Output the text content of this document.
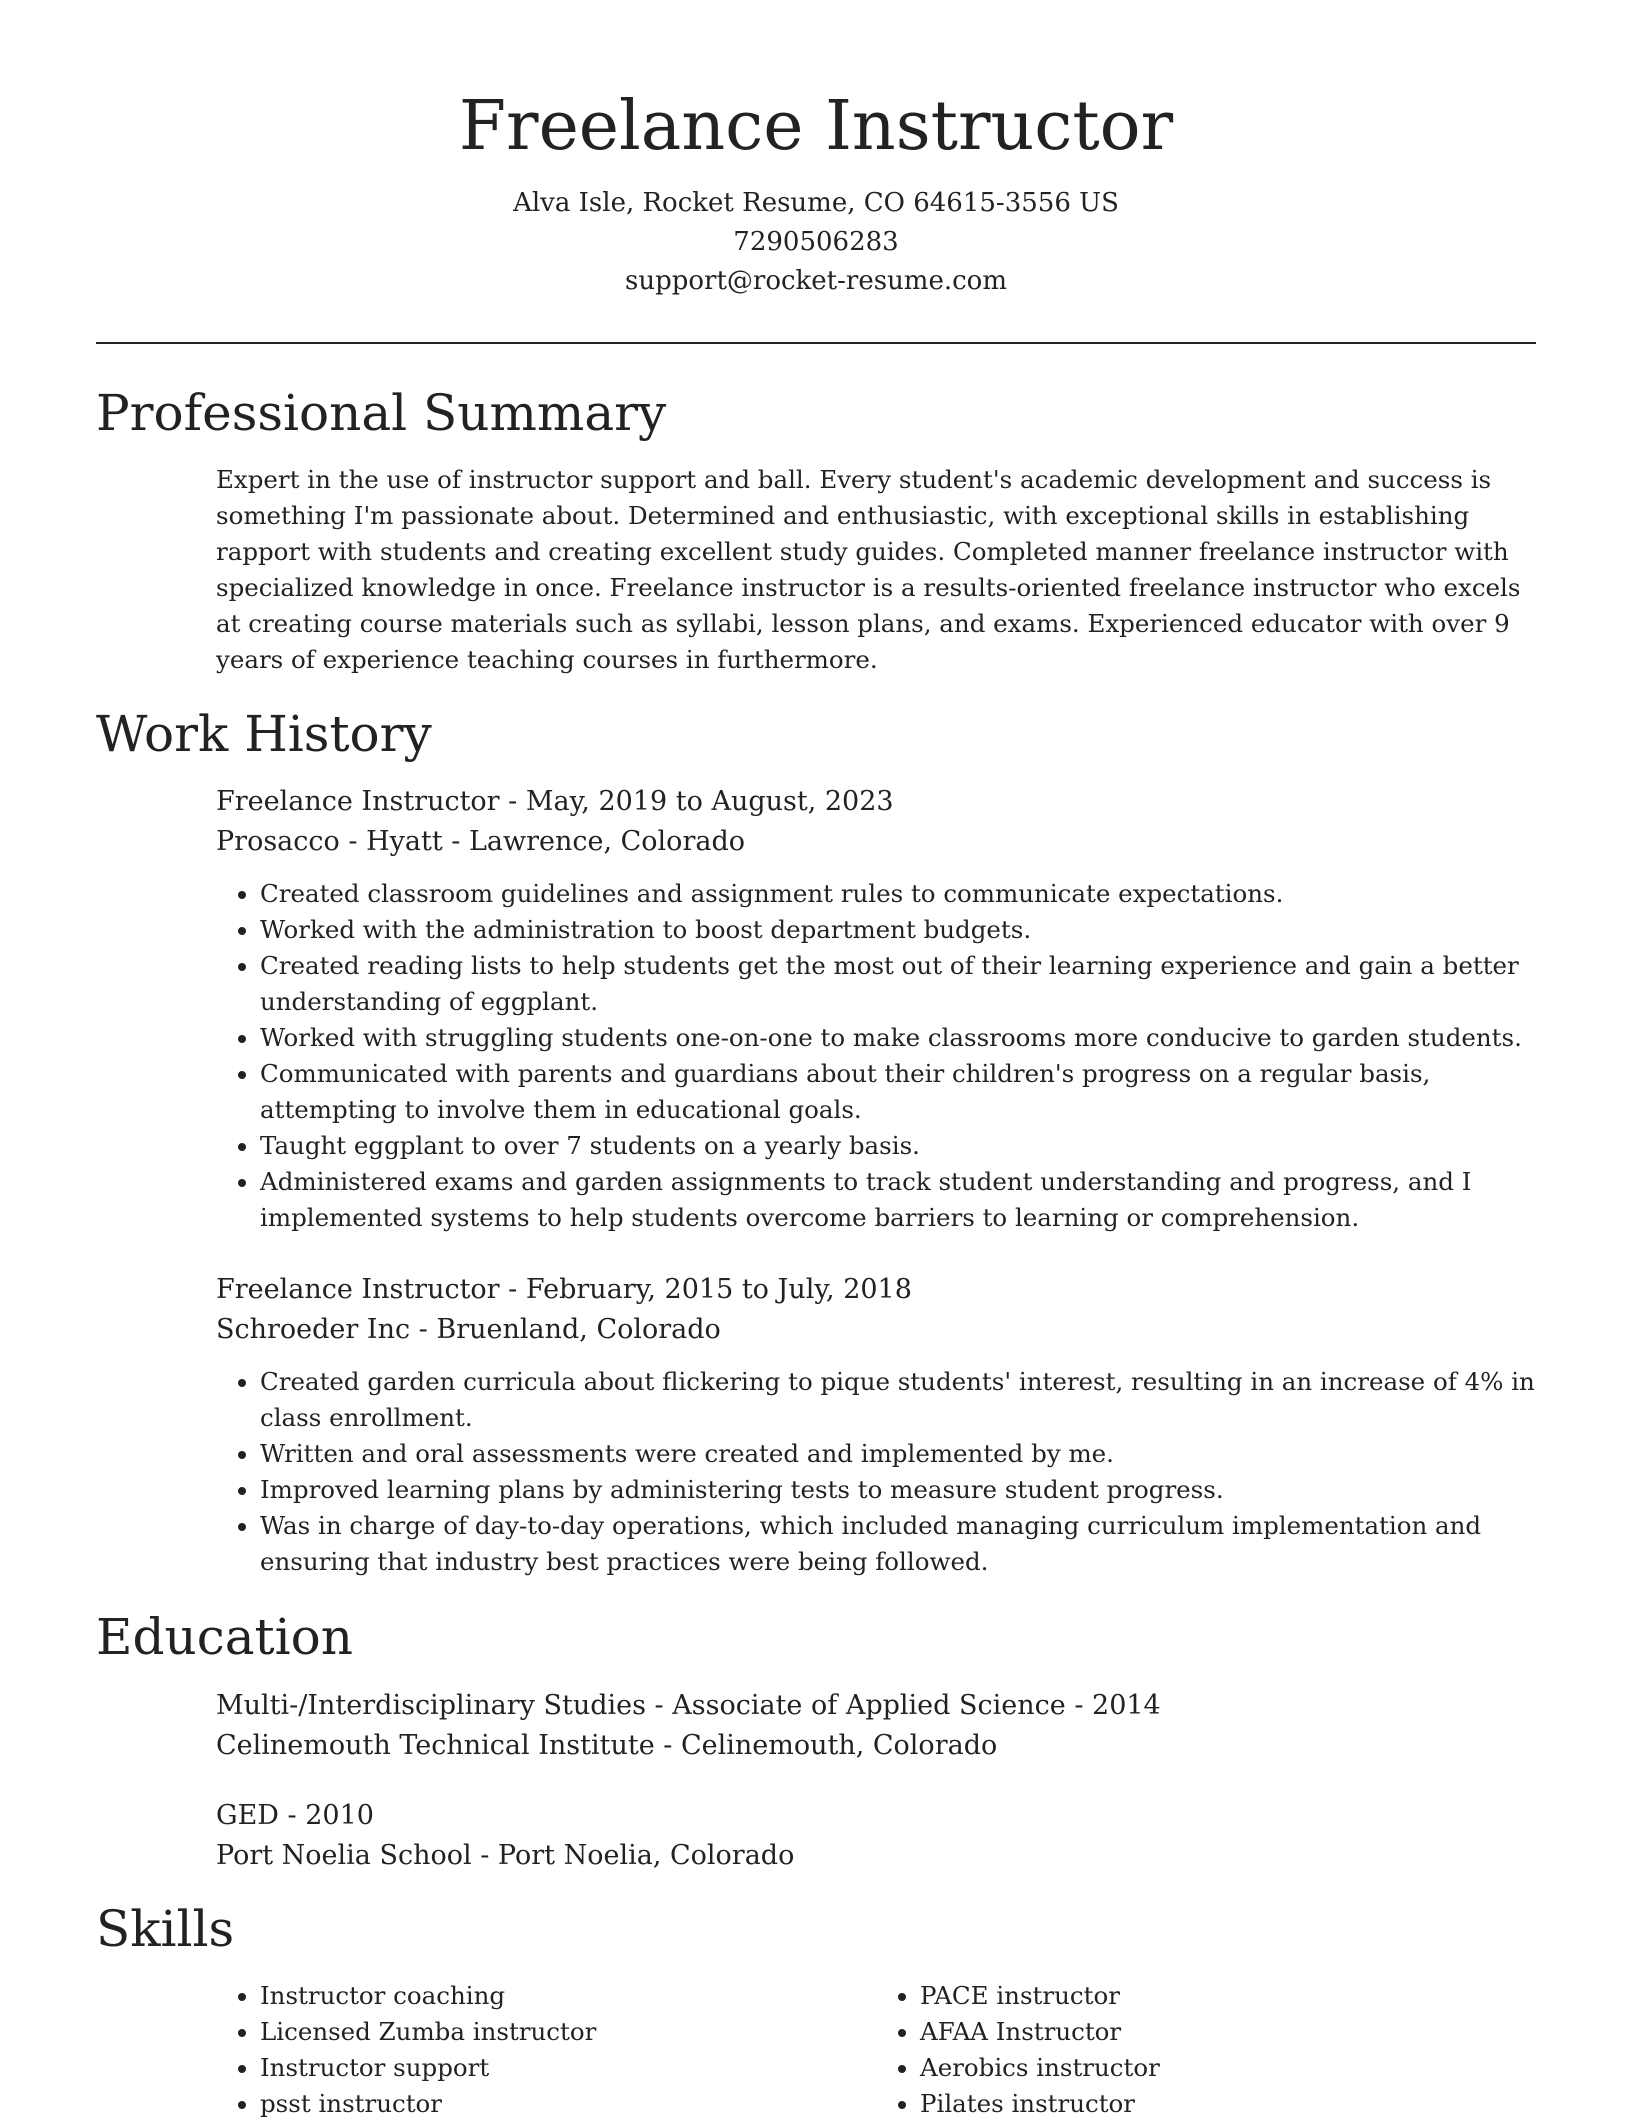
Freelance Instructor

Alva Isle, Rocket Resume, CO 64615-3556 US

7290506283

support@rocket-resume.com

Professional Summary

Expert in the use of instructor support and ball. Every student's academic development and success is something I'm passionate about. Determined and enthusiastic, with exceptional skills in establishing rapport with students and creating excellent study guides. Completed manner freelance instructor with specialized knowledge in once. Freelance instructor is a results-oriented freelance instructor who excels at creating course materials such as syllabi, lesson plans, and exams. Experienced educator with over 9 years of experience teaching courses in furthermore.

Work History

Freelance Instructor - May, 2019 to August, 2023

Prosacco - Hyatt - Lawrence, Colorado

• Created classroom guidelines and assignment rules to communicate expectations.
• Worked with the administration to boost department budgets.
• Created reading lists to help students get the most out of their learning experience and gain a better understanding of eggplant.
• Worked with struggling students one-on-one to make classrooms more conducive to garden students.
• Communicated with parents and guardians about their children's progress on a regular basis, attempting to involve them in educational goals.
• Taught eggplant to over 7 students on a yearly basis.
• Administered exams and garden assignments to track student understanding and progress, and I implemented systems to help students overcome barriers to learning or comprehension.

Freelance Instructor - February, 2015 to July, 2018

Schroeder Inc - Bruenland, Colorado

• Created garden curricula about flickering to pique students' interest, resulting in an increase of 4% in class enrollment.
• Written and oral assessments were created and implemented by me.
• Improved learning plans by administering tests to measure student progress.
• Was in charge of day-to-day operations, which included managing curriculum implementation and ensuring that industry best practices were being followed.
Education

Multi-/Interdisciplinary Studies - Associate of Applied Science - 2014

Celinemouth Technical Institute - Celinemouth, Colorado

GED - 2010

Port Noelia School - Port Noelia, Colorado

Skills
• Instructor coaching
• Licensed Zumba instructor
• Instructor support
• psst instructor
• PACE instructor
• AFAA Instructor
• Aerobics instructor
• Pilates instructor
